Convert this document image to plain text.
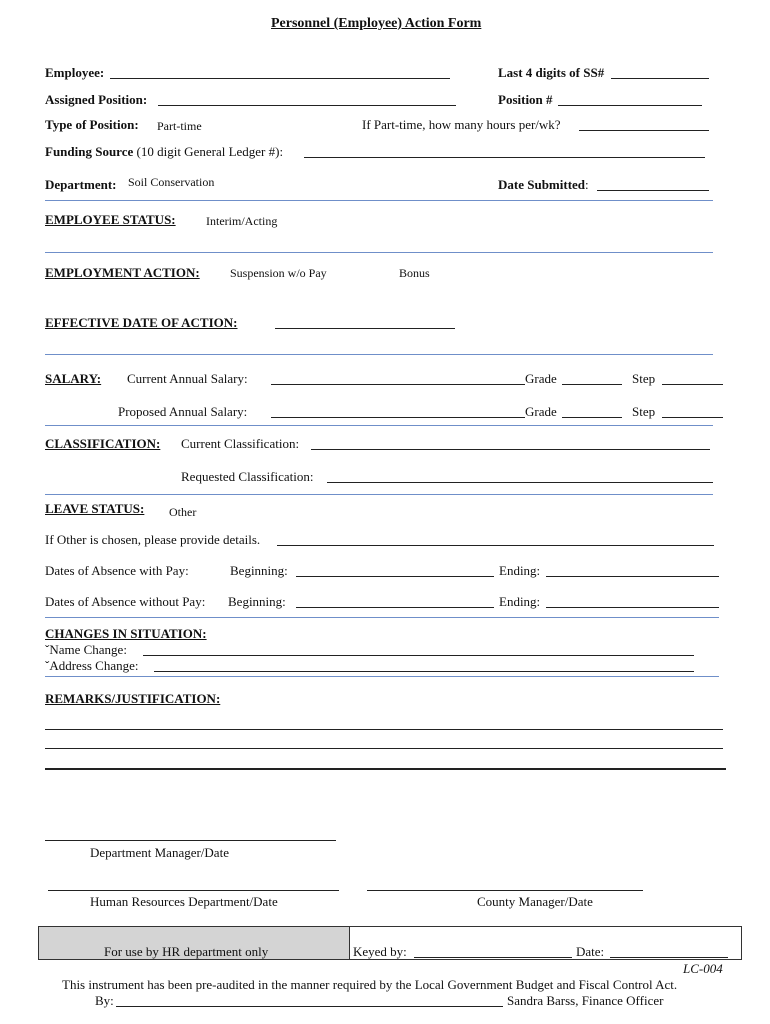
Personnel (Employee) Action Form
Employee:	Last 4 digits of SS#
Assigned Position:	Position #
Type of Position: Part-time	If Part-time, how many hours per/wk?
Funding Source (10 digit General Ledger #):
Department: Soil Conservation	Date Submitted:
EMPLOYEE STATUS:	Interim/Acting
EMPLOYMENT ACTION:	Suspension w/o Pay	Bonus
EFFECTIVE DATE OF ACTION:
SALARY: Current Annual Salary:	Grade	Step
Proposed Annual Salary:	Grade	Step
CLASSIFICATION: Current Classification:
Requested Classification:
LEAVE STATUS: Other
If Other is chosen, please provide details.
Dates of Absence with Pay:	Beginning:	Ending:
Dates of Absence without Pay: Beginning:	Ending:
CHANGES IN SITUATION:
ˇName Change:
ˇAddress Change:
REMARKS/JUSTIFICATION:
Department Manager/Date
Human Resources Department/Date	County Manager/Date
For use by HR department only	Keyed by:	Date:
LC-004
This instrument has been pre-audited in the manner required by the Local Government Budget and Fiscal Control Act.
By:	Sandra Barss, Finance Officer
